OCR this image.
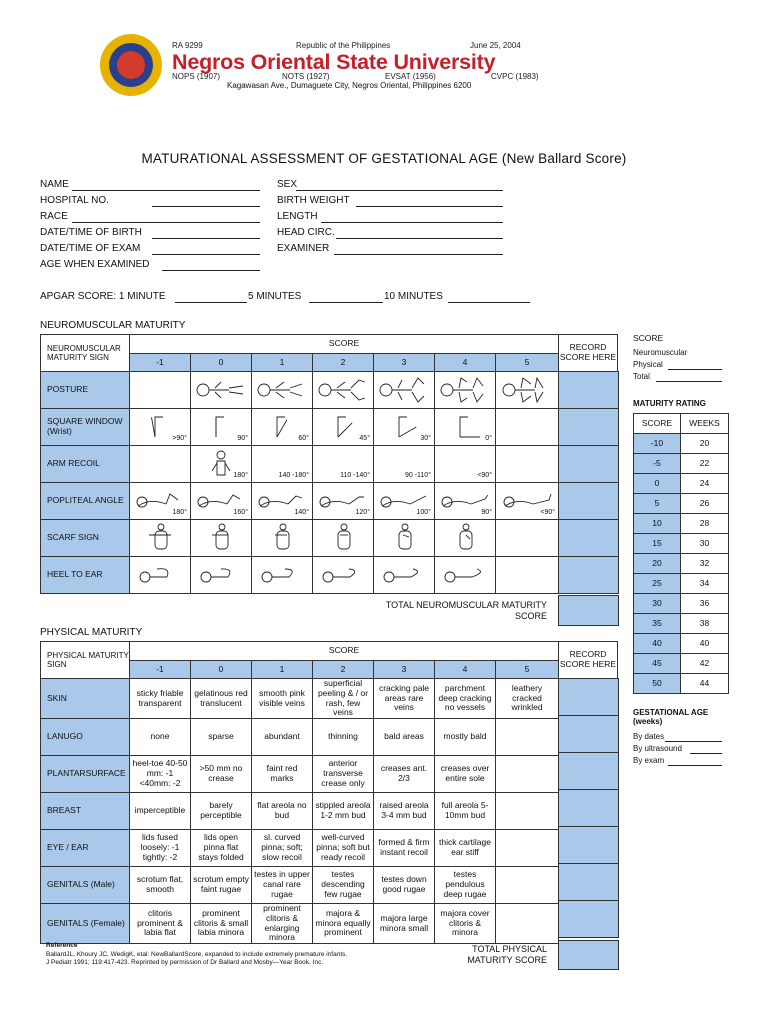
RA 9299	Republic of the Philippines	June 25, 2004
Negros Oriental State University
NOPS (1907)	NOTS (1927)	EVSAT (1956)	CVPC (1983)
Kagawasan Ave., Dumaguete City, Negros Oriental, Philippines 6200
MATURATIONAL ASSESSMENT OF GESTATIONAL AGE (New Ballard Score)
NAME
HOSPITAL NO.
RACE
DATE/TIME OF BIRTH
DATE/TIME OF EXAM
AGE WHEN EXAMINED
SEX
BIRTH WEIGHT
LENGTH
HEAD CIRC.
EXAMINER
APGAR SCORE: 1 MINUTE	5 MINUTES	10 MINUTES
NEUROMUSCULAR MATURITY
NEUROMUSCULAR MATURITY SIGN	SCORE						
	-1	0	1	2	3	4	5
POSTURE	

SQUARE WINDOW (Wrist)	>90°	90°	60°	45°	30°	0°	

ARM RECOIL		180°	140 -180°	110 -140°	90 -110°	<90°	

POPLITEAL ANGLE	180°	160°	140°	120°	100°	90°	<90°

SCARF SIGN	

HEEL TO EAR	

RECORD SCORE HERE
TOTAL NEUROMUSCULAR MATURITY SCORE
PHYSICAL MATURITY
PHYSICAL MATURITY SIGN	SCORE						
	-1	0	1	2	3	4	5
SKIN	sticky friable transparent	gelatinous red translucent	smooth pink visible veins	superficial peeling & / or rash, few veins	cracking pale areas rare veins	parchment deep cracking no vessels	leathery cracked wrinkled
LANUGO	none	sparse	abundant	thinning	bald areas	mostly bald	
PLANTARSURFACE	heel-toe 40-50 mm: -1 <40mm: -2	>50 mm no crease	faint red marks	anterior transverse crease only	creases ant. 2/3	creases over entire sole	
BREAST	imperceptible	barely perceptible	flat areola no bud	stippled areola 1-2 mm bud	raised areola 3-4 mm bud	full areola 5-10mm bud	
EYE / EAR	lids fused loosely: -1 tightly: -2	lids open pinna flat stays folded	sl. curved pinna; soft; slow recoil	well-curved pinna; soft but ready recoil	formed & firm instant recoil	thick cartilage ear stiff	
GENITALS (Male)	scrotum flat, smooth	scrotum empty faint rugae	testes in upper canal rare rugae	testes descending few rugae	testes down good rugae	testes pendulous deep rugae	
GENITALS (Female)	clitoris prominent & labia flat	prominent clitoris & small labia minora	prominent clitoris & enlarging minora	majora & minora equally prominent	majora large minora small	majora cover clitoris & minora	
RECORD SCORE HERE
TOTAL PHYSICAL MATURITY SCORE
Reference
BallardJL, Khoury JC, WedigK, etal: NewBallardScore, expanded to include extremely premature infants.
J Pediatr 1991; 119:417-423. Reprinted by permission of Dr Ballard and Mosby—Year Book, Inc.
SCORE
Neuromuscular
Physical
Total
MATURITY RATING
SCORE	WEEKS
-10	20
-5	22
0	24
5	26
10	28
15	30
20	32
25	34
30	36
35	38
40	40
45	42
50	44
GESTATIONAL AGE
(weeks)
By dates
By ultrasound
By exam
